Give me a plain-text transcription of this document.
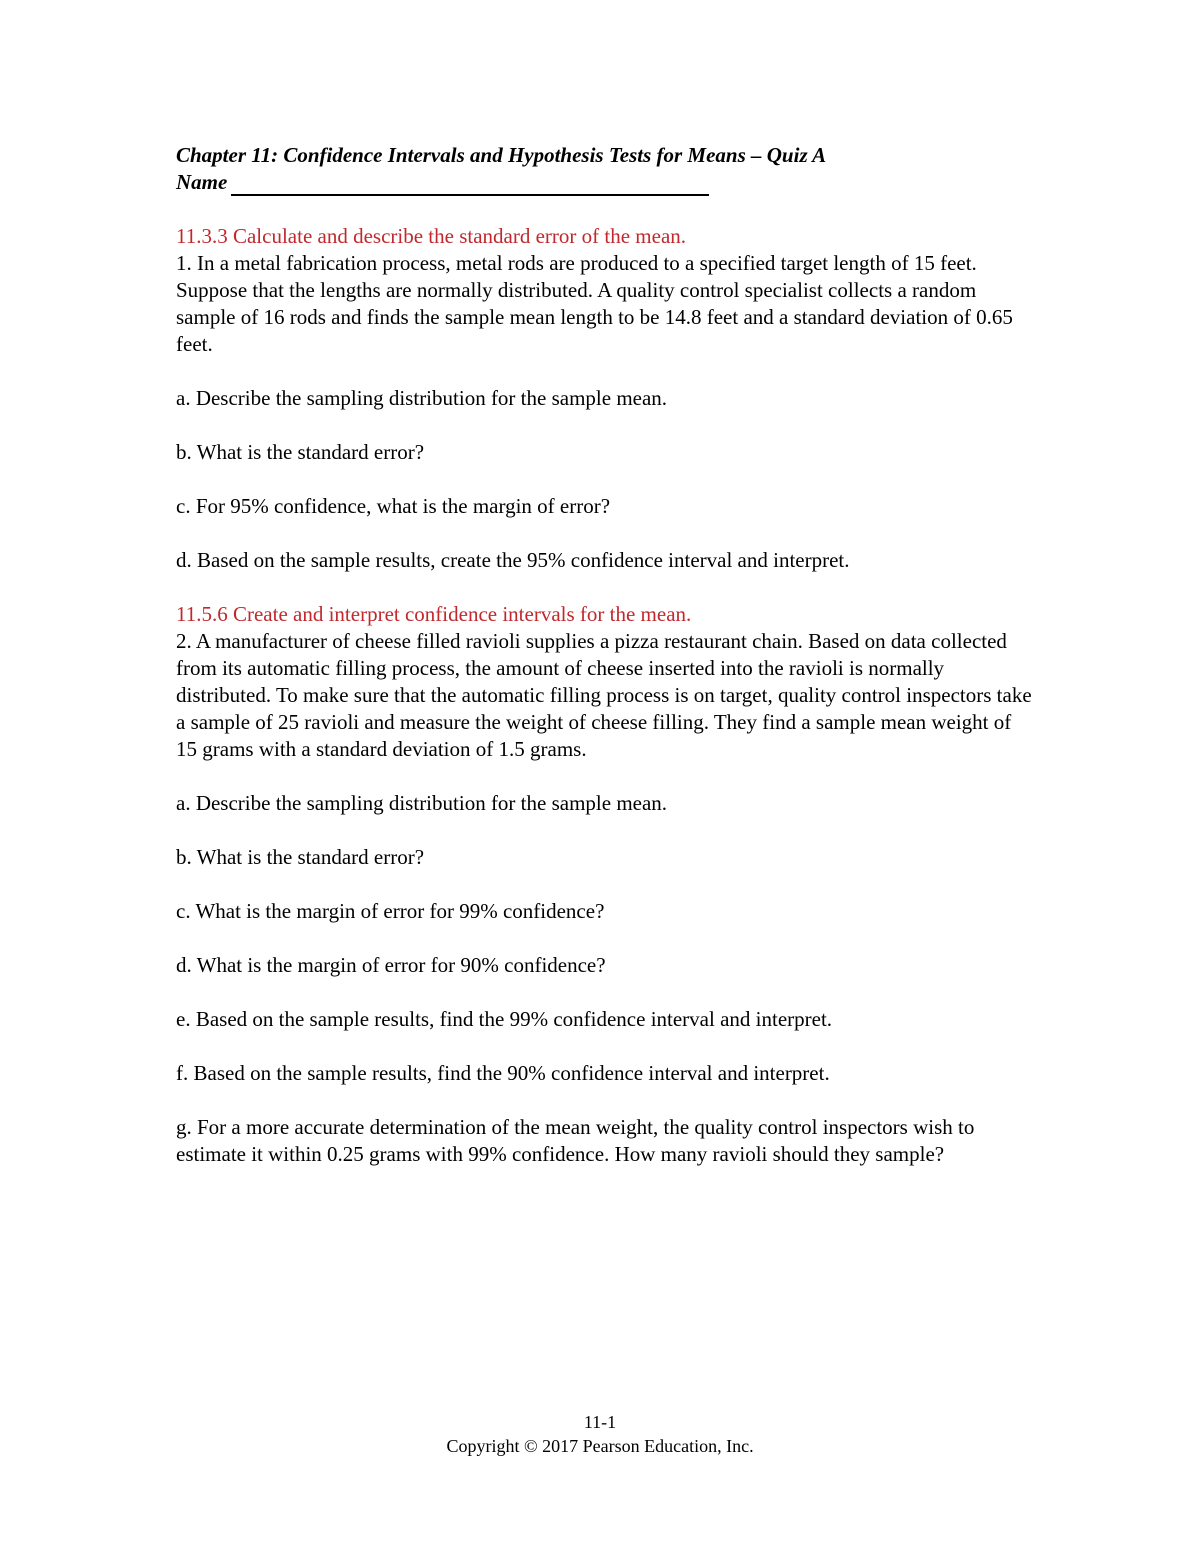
Chapter 11: Confidence Intervals and Hypothesis Tests for Means – Quiz A

Name

11.3.3 Calculate and describe the standard error of the mean.

1. In a metal fabrication process, metal rods are produced to a specified target length of 15 feet. Suppose that the lengths are normally distributed. A quality control specialist collects a random sample of 16 rods and finds the sample mean length to be 14.8 feet and a standard deviation of 0.65 feet.

a. Describe the sampling distribution for the sample mean.

b. What is the standard error?

c. For 95% confidence, what is the margin of error?

d. Based on the sample results, create the 95% confidence interval and interpret.

11.5.6 Create and interpret confidence intervals for the mean.

2. A manufacturer of cheese filled ravioli supplies a pizza restaurant chain. Based on data collected from its automatic filling process, the amount of cheese inserted into the ravioli is normally distributed. To make sure that the automatic filling process is on target, quality control inspectors take a sample of 25 ravioli and measure the weight of cheese filling. They find a sample mean weight of 15 grams with a standard deviation of 1.5 grams.

a. Describe the sampling distribution for the sample mean.

b. What is the standard error?

c. What is the margin of error for 99% confidence?

d. What is the margin of error for 90% confidence?

e. Based on the sample results, find the 99% confidence interval and interpret.

f. Based on the sample results, find the 90% confidence interval and interpret.

g. For a more accurate determination of the mean weight, the quality control inspectors wish to estimate it within 0.25 grams with 99% confidence. How many ravioli should they sample?

11-1
Copyright © 2017 Pearson Education, Inc.
